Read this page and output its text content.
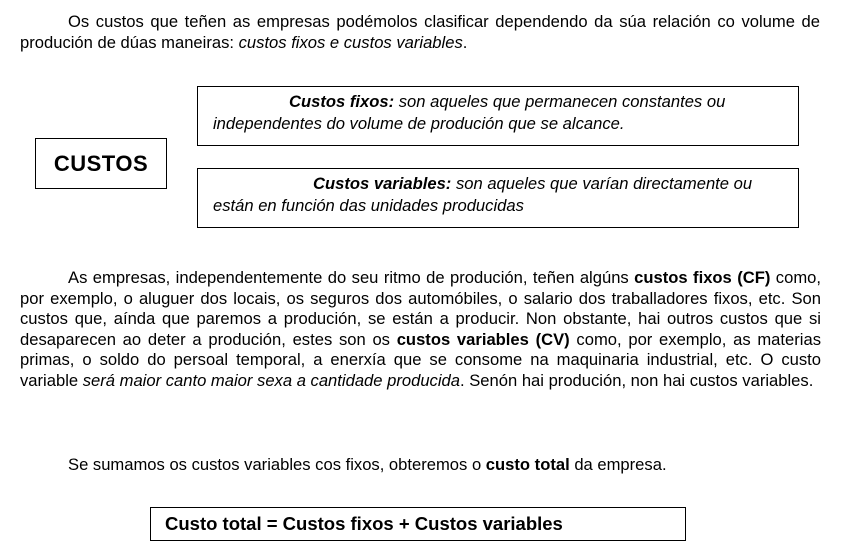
Os custos que teñen as empresas podémolos clasificar dependendo da súa relación co volume de produción de dúas maneiras: custos fixos e custos variables.

Custos fixos: son aqueles que permanecen constantes ou independentes do volume de produción que se alcance.
CUSTOS
Custos variables: son aqueles que varían directamente ou están en función das unidades producidas

As empresas, independentemente do seu ritmo de produción, teñen algúns custos fixos (CF) como, por exemplo, o aluguer dos locais, os seguros dos automóbiles, o salario dos traballadores fixos, etc. Son custos que, aínda que paremos a produción, se están a producir. Non obstante, hai outros custos que si desaparecen ao deter a produción, estes son os custos variables (CV) como, por exemplo, as materias primas, o soldo do persoal temporal, a enerxía que se consome na maquinaria industrial, etc. O custo variable será maior canto maior sexa a cantidade producida. Senón hai produción, non hai custos variables.

Se sumamos os custos variables cos fixos, obteremos o custo total da empresa.

Custo total = Custos fixos + Custos variables
